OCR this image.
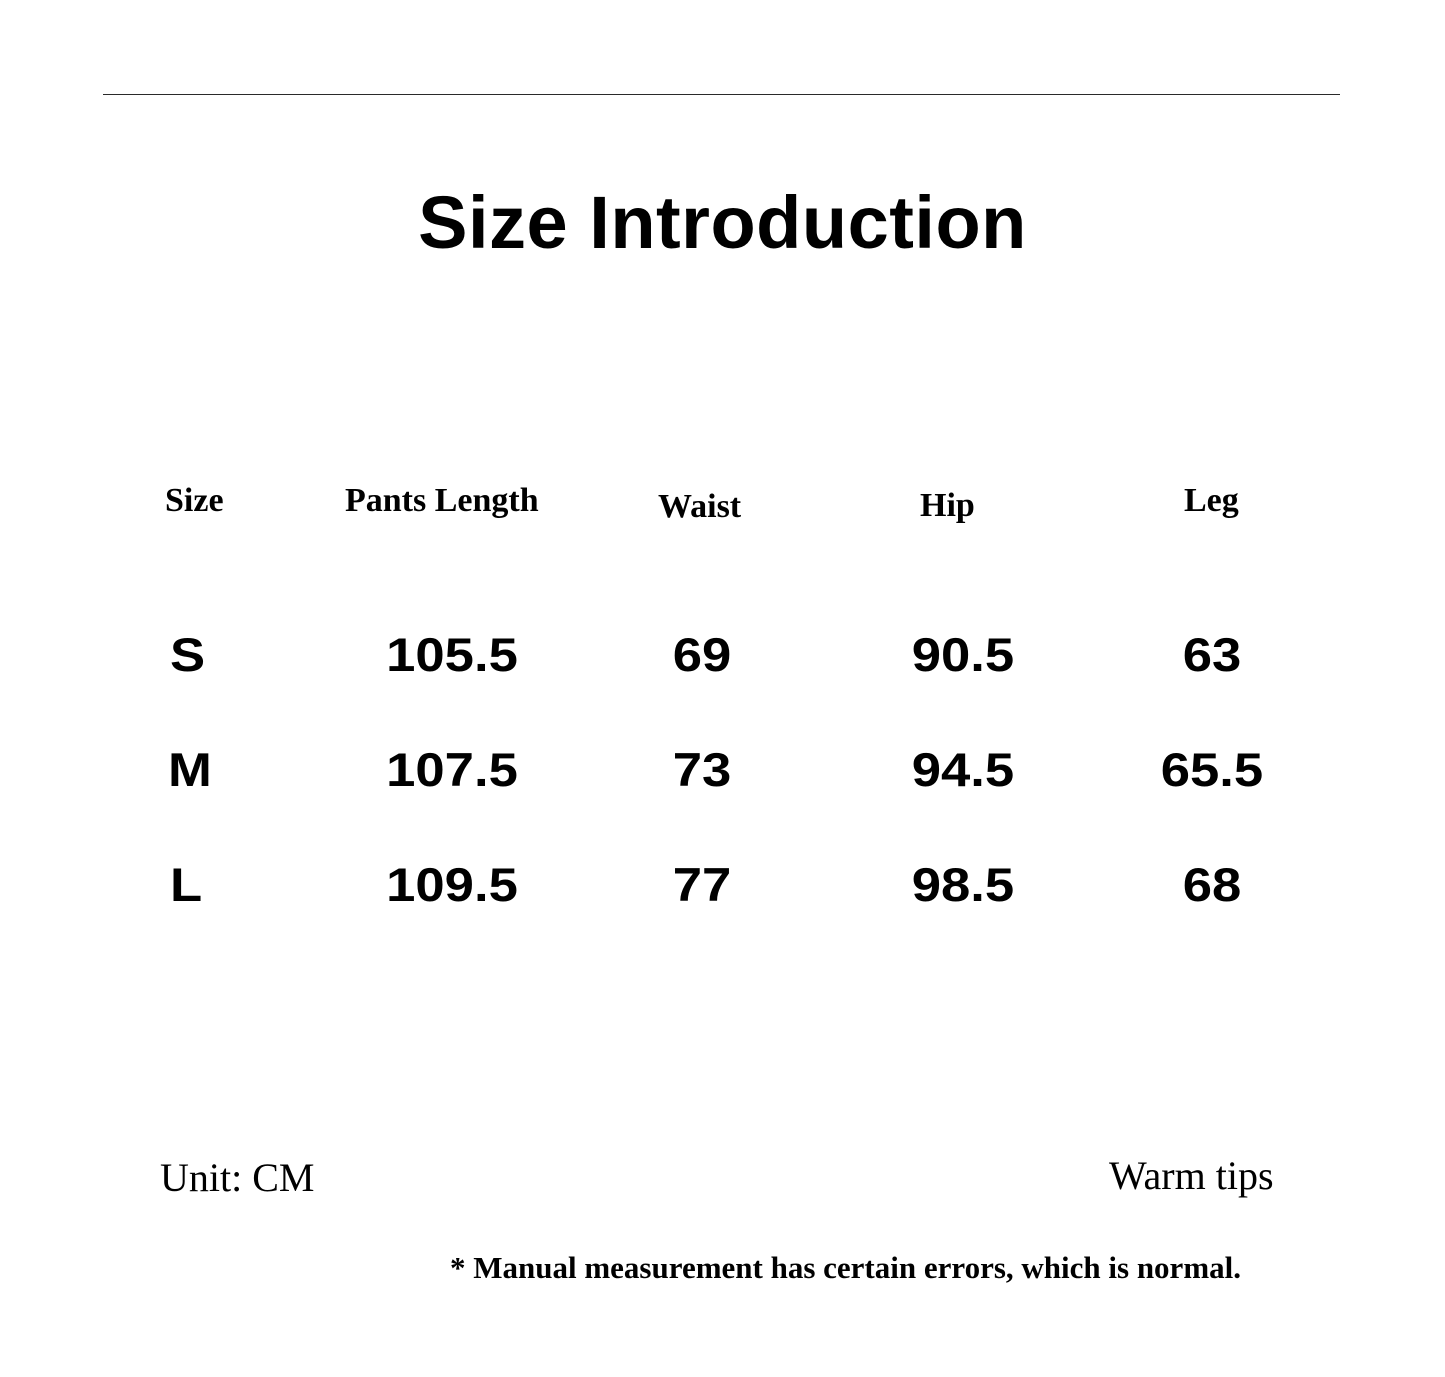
Size Introduction
Size	Pants Length	Waist	Hip	Leg
S	105.5	69	90.5	63
M	107.5	73	94.5	65.5
L	109.5	77	98.5	68
Unit: CM	Warm tips
* Manual measurement has certain errors, which is normal.
